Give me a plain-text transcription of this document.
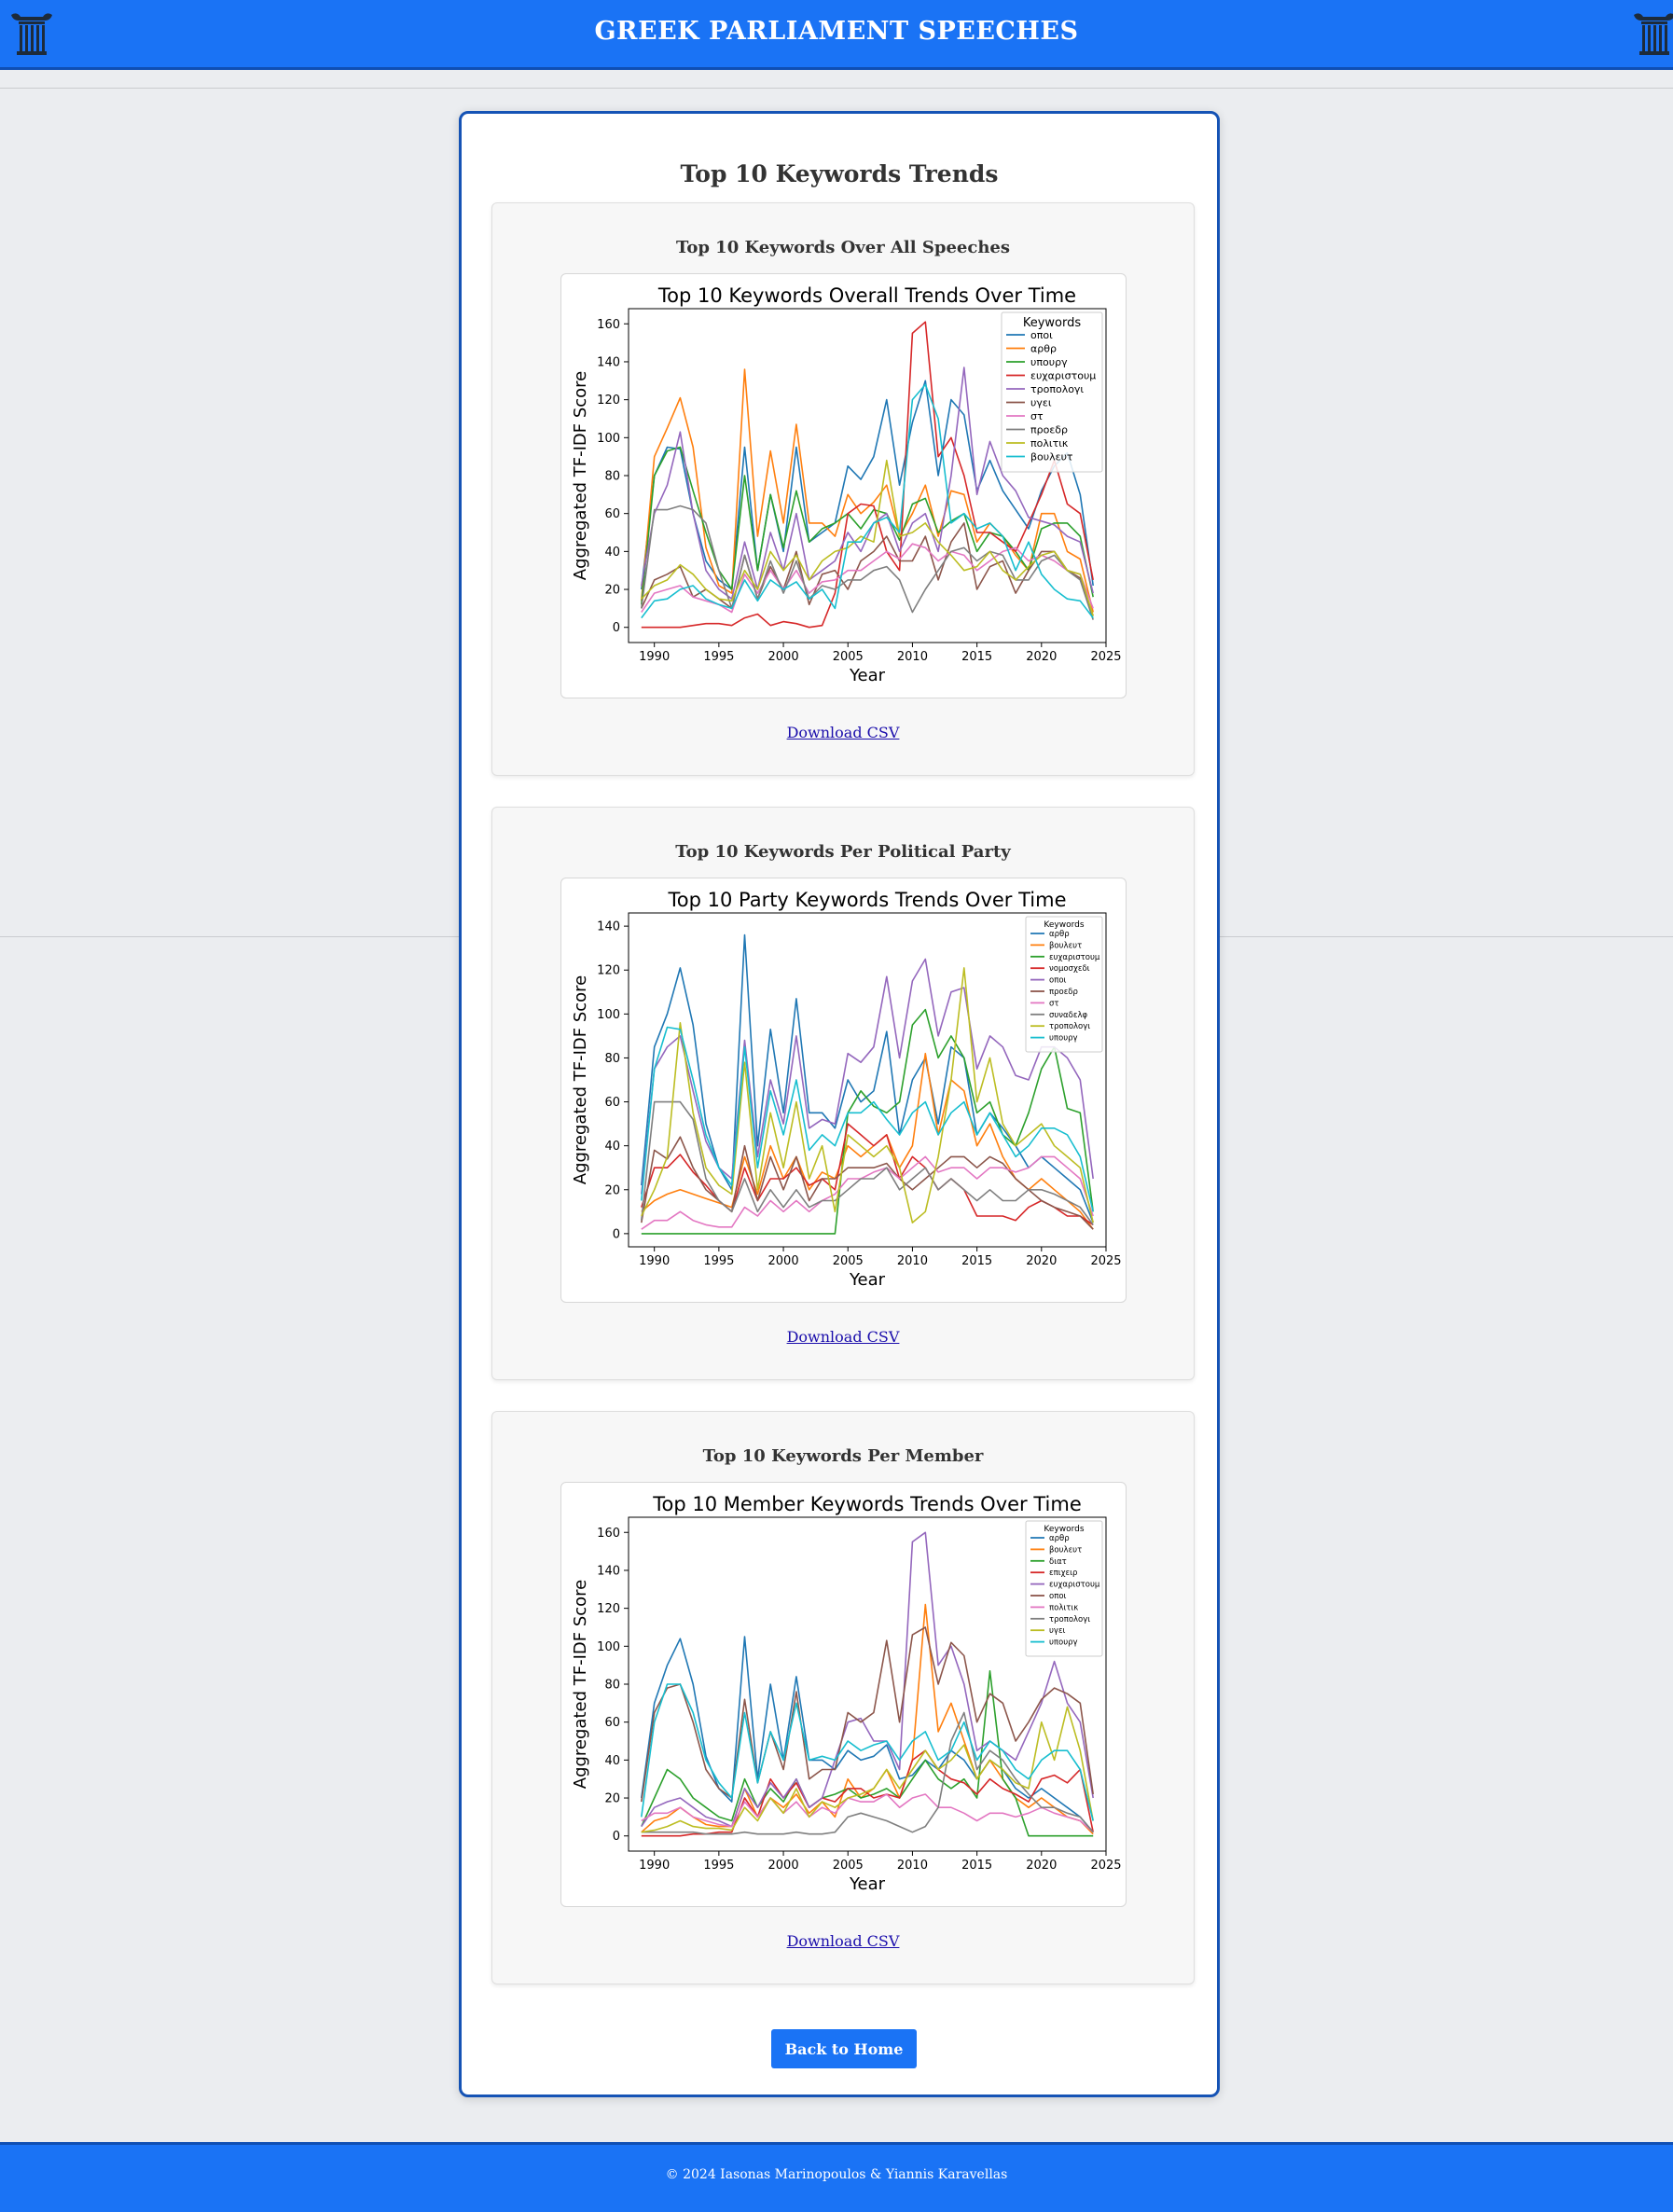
GREEK PARLIAMENT SPEECHES
Top 10 Keywords Trends
Top 10 Keywords Over All Speeches
Top 10 Keywords Overall Trends Over Time
1990	1995	2000	2005	2010	2015	2020	2025
0
20
40
60
80
100
120
140
160
Year
Aggregated TF-IDF Score
Keywords
οποι
αρθρ
υπουργ
ευχαριστουμ
τροπολογι
υγει
στ
προεδρ
πολιτικ
βουλευτ
Download CSV
Top 10 Keywords Per Political Party
Top 10 Party Keywords Trends Over Time
1990	1995	2000	2005	2010	2015	2020	2025
0
20
40
60
80
100
120
140
Year
Aggregated TF-IDF Score
Keywords
αρθρ
βουλευτ
ευχαριστουμ
νομοσχεδι
οποι
προεδρ
στ
συναδελφ
τροπολογι
υπουργ
Download CSV
Top 10 Keywords Per Member
Top 10 Member Keywords Trends Over Time
1990	1995	2000	2005	2010	2015	2020	2025
0
20
40
60
80
100
120
140
160
Year
Aggregated TF-IDF Score
Keywords
αρθρ
βουλευτ
διατ
επιχειρ
ευχαριστουμ
οποι
πολιτικ
τροπολογι
υγει
υπουργ
Download CSV
Back to Home
© 2024 Iasonas Marinopoulos & Yiannis Karavellas
